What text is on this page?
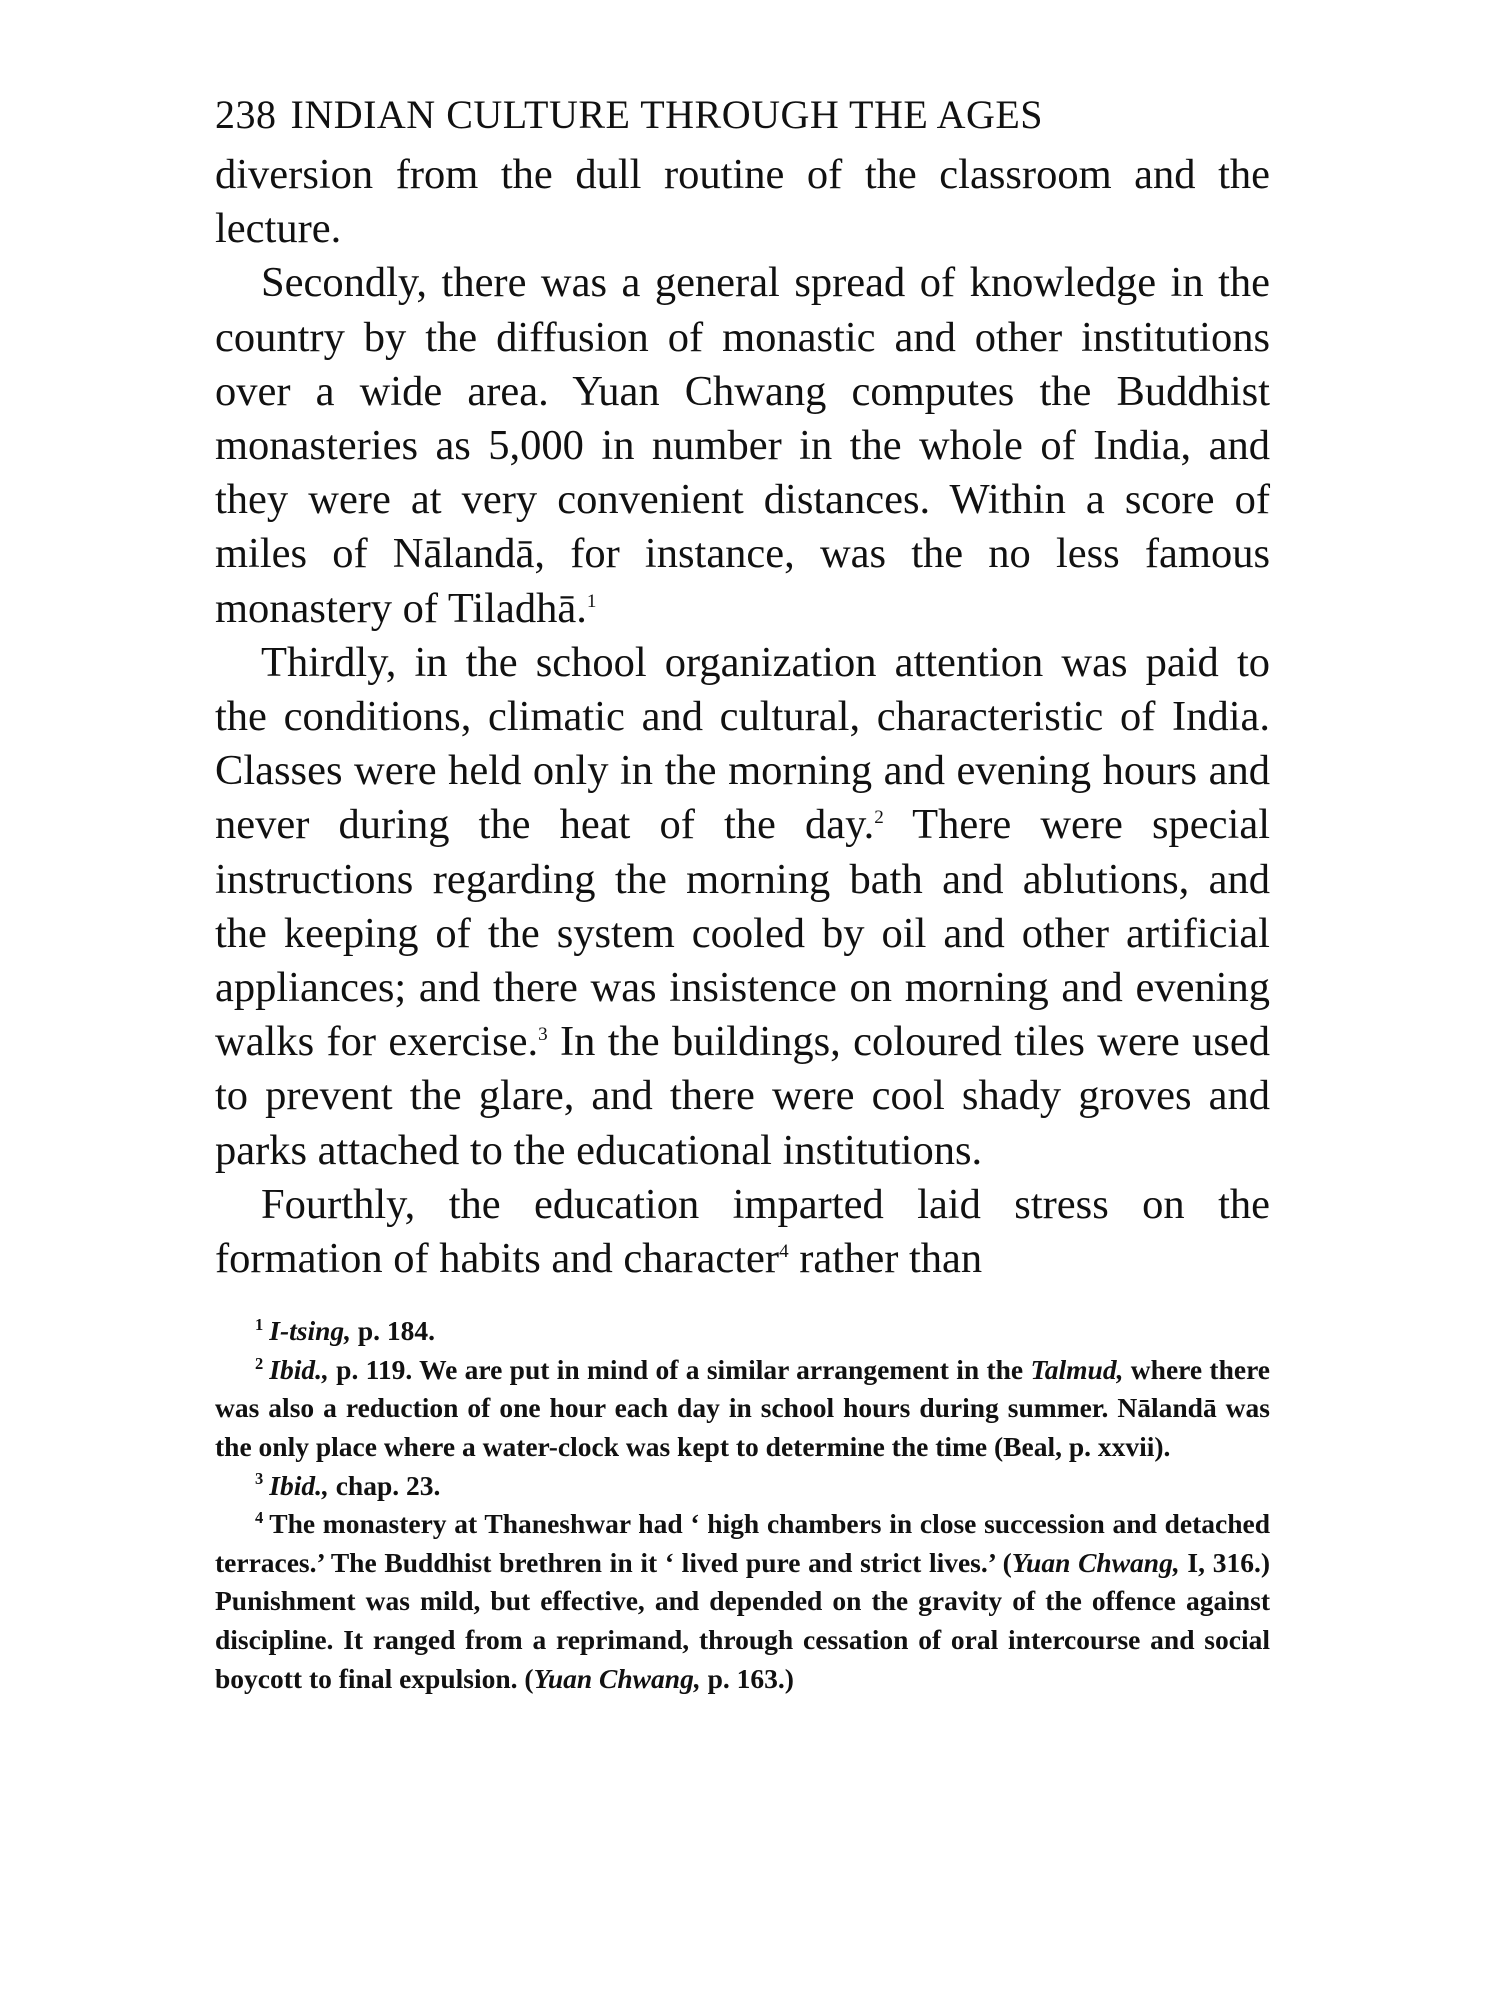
238 INDIAN CULTURE THROUGH THE AGES

diversion from the dull routine of the classroom and the lecture.

Secondly, there was a general spread of knowledge in the country by the diffusion of monastic and other institutions over a wide area. Yuan Chwang computes the Buddhist monasteries as 5,000 in number in the whole of India, and they were at very convenient distances. Within a score of miles of Nālandā, for instance, was the no less famous monastery of Tiladhā.$^1$

Thirdly, in the school organization attention was paid to the conditions, climatic and cultural, characteristic of India. Classes were held only in the morning and evening hours and never during the heat of the day.$^2$ There were special instructions regarding the morning bath and ablutions, and the keeping of the system cooled by oil and other artificial appliances; and there was insistence on morning and evening walks for exercise.$^3$ In the buildings, coloured tiles were used to prevent the glare, and there were cool shady groves and parks attached to the educational institutions.

Fourthly, the education imparted laid stress on the formation of habits and character$^4$ rather than

$^1$ I-tsing, p. 184.

$^2$ Ibid., p. 119. We are put in mind of a similar arrangement in the Talmud, where there was also a reduction of one hour each day in school hours during summer. Nālandā was the only place where a water-clock was kept to determine the time (Beal, p. xxvii).

$^3$ Ibid., chap. 23.

$^4$ The monastery at Thaneshwar had ‘ high chambers in close succession and detached terraces.’ The Buddhist brethren in it ‘ lived pure and strict lives.’ (Yuan Chwang, I, 316.) Punishment was mild, but effective, and depended on the gravity of the offence against discipline. It ranged from a reprimand, through cessation of oral intercourse and social boycott to final expulsion. (Yuan Chwang, p. 163.)
